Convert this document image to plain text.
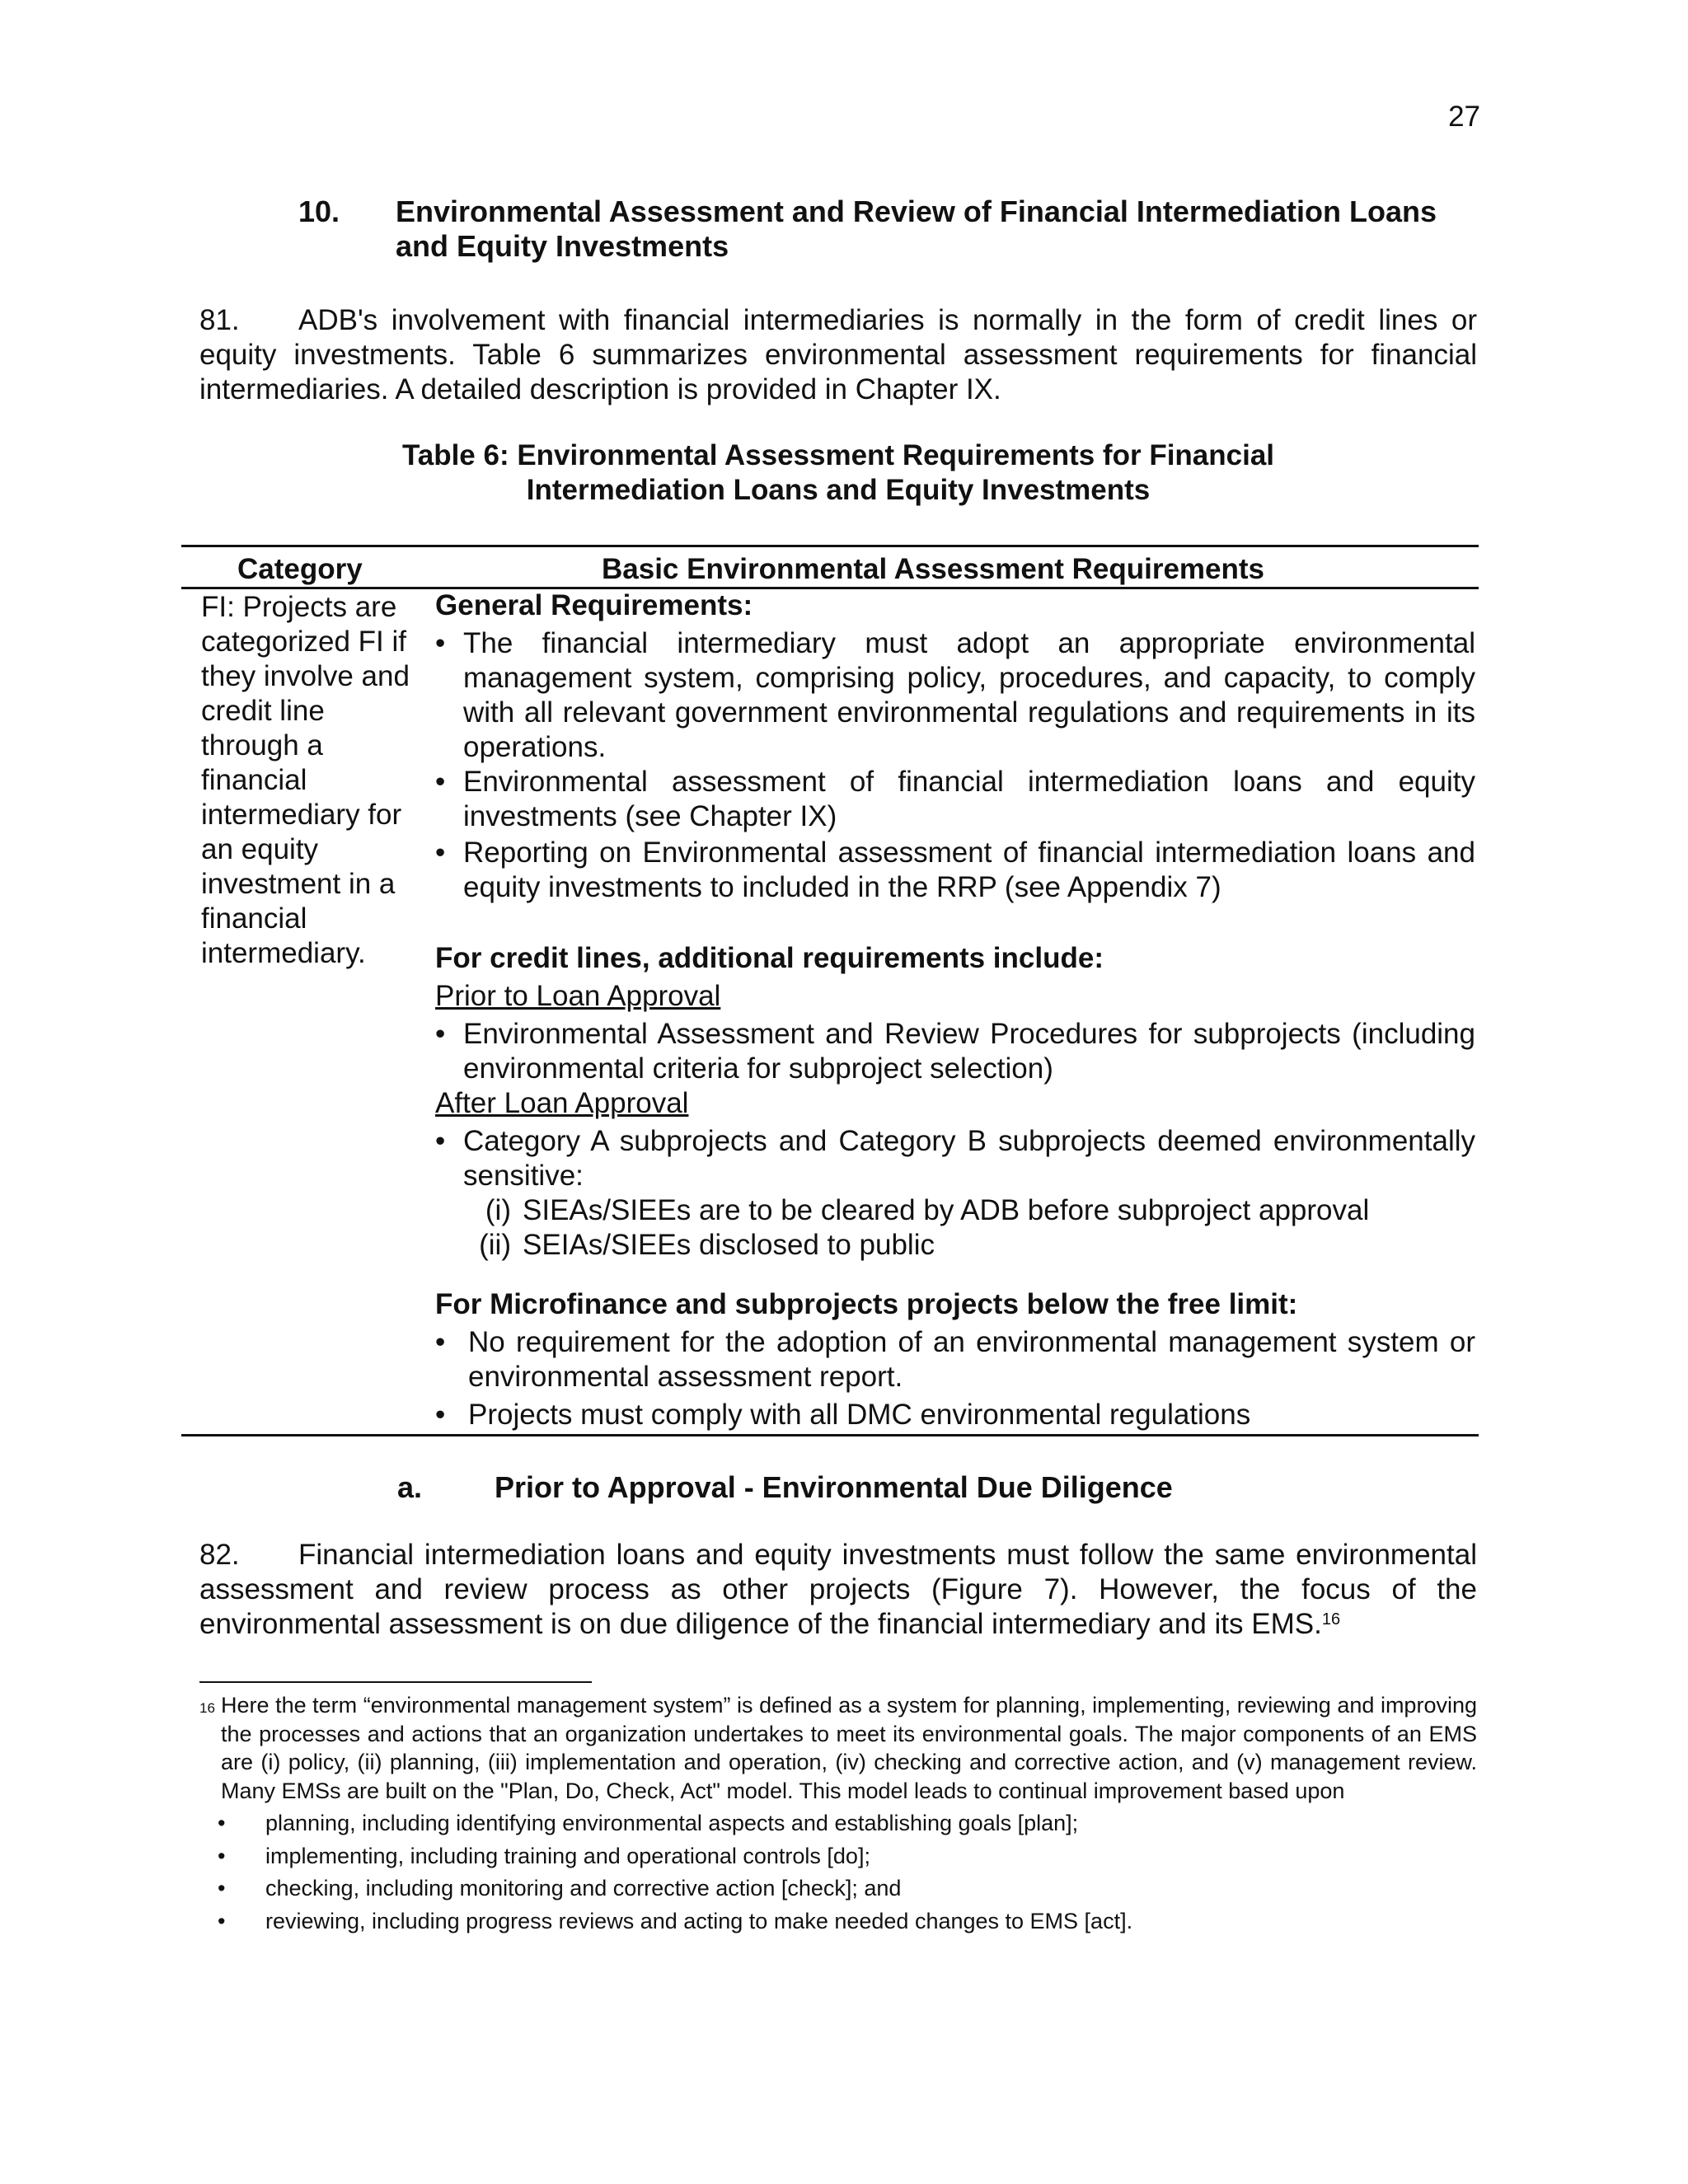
27
10. Environmental Assessment and Review of Financial Intermediation Loans and Equity Investments
81. ADB's involvement with financial intermediaries is normally in the form of credit lines or equity investments. Table 6 summarizes environmental assessment requirements for financial intermediaries. A detailed description is provided in Chapter IX.
Table 6: Environmental Assessment Requirements for Financial
Intermediation Loans and Equity Investments
Category	Basic Environmental Assessment Requirements
FI: Projects are categorized FI if they involve and credit line through a financial intermediary for an equity investment in a financial intermediary.
General Requirements:
• The financial intermediary must adopt an appropriate environmental management system, comprising policy, procedures, and capacity, to comply with all relevant government environmental regulations and requirements in its operations.
• Environmental assessment of financial intermediation loans and equity investments (see Chapter IX)
• Reporting on Environmental assessment of financial intermediation loans and equity investments to included in the RRP (see Appendix 7)
For credit lines, additional requirements include:
Prior to Loan Approval
• Environmental Assessment and Review Procedures for subprojects (including environmental criteria for subproject selection)
After Loan Approval
• Category A subprojects and Category B subprojects deemed environmentally sensitive:
(i) SIEAs/SIEEs are to be cleared by ADB before subproject approval
(ii) SEIAs/SIEEs disclosed to public
For Microfinance and subprojects projects below the free limit:
• No requirement for the adoption of an environmental management system or environmental assessment report.
• Projects must comply with all DMC environmental regulations
a. Prior to Approval - Environmental Due Diligence
82. Financial intermediation loans and equity investments must follow the same environmental assessment and review process as other projects (Figure 7). However, the focus of the environmental assessment is on due diligence of the financial intermediary and its EMS.$^{16}$
16 Here the term “environmental management system” is defined as a system for planning, implementing, reviewing and improving the processes and actions that an organization undertakes to meet its environmental goals. The major components of an EMS are (i) policy, (ii) planning, (iii) implementation and operation, (iv) checking and corrective action, and (v) management review. Many EMSs are built on the "Plan, Do, Check, Act" model. This model leads to continual improvement based upon
• planning, including identifying environmental aspects and establishing goals [plan];
• implementing, including training and operational controls [do];
• checking, including monitoring and corrective action [check]; and
• reviewing, including progress reviews and acting to make needed changes to EMS [act].
